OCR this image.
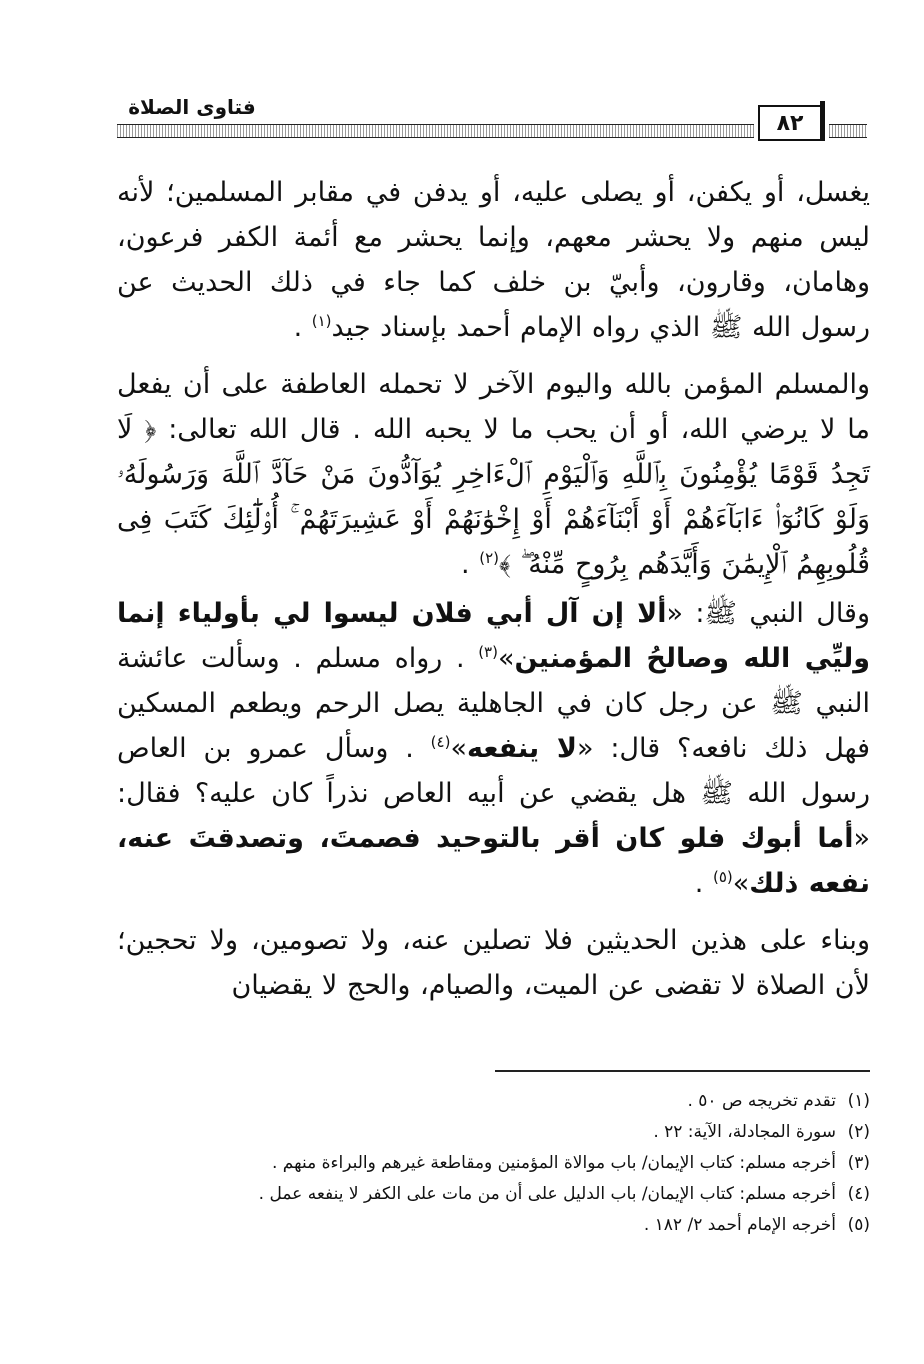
فتاوى الصلاة
٨٢

يغسل، أو يكفن، أو يصلى عليه، أو يدفن في مقابر المسلمين؛ لأنه ليس منهم ولا يحشر معهم، وإنما يحشر مع أئمة الكفر فرعون، وهامان، وقارون، وأبيّ بن خلف كما جاء في ذلك الحديث عن رسول الله ﷺ الذي رواه الإمام أحمد بإسناد جيد$^{(١)}$ .

والمسلم المؤمن بالله واليوم الآخر لا تحمله العاطفة على أن يفعل ما لا يرضي الله، أو أن يحب ما لا يحبه الله . قال الله تعالى: ﴿ لَا تَجِدُ قَوْمًا يُؤْمِنُونَ بِٱللَّهِ وَٱلْيَوْمِ ٱلْءَاخِرِ يُوَآدُّونَ مَنْ حَآدَّ ٱللَّهَ وَرَسُولَهُۥ وَلَوْ كَانُوٓا۟ ءَابَآءَهُمْ أَوْ أَبْنَآءَهُمْ أَوْ إِخْوَٰنَهُمْ أَوْ عَشِيرَتَهُمْ ۚ أُو۟لَٰٓئِكَ كَتَبَ فِى قُلُوبِهِمُ ٱلْإِيمَٰنَ وَأَيَّدَهُم بِرُوحٍ مِّنْهُ ۖ ﴾$^{(٢)}$ .

وقال النبي ﷺ: «ألا إن آل أبي فلان ليسوا لي بأولياء إنما وليِّي الله وصالحُ المؤمنين»$^{(٣)}$ . رواه مسلم . وسألت عائشة النبي ﷺ عن رجل كان في الجاهلية يصل الرحم ويطعم المسكين فهل ذلك نافعه؟ قال: «لا ينفعه»$^{(٤)}$ . وسأل عمرو بن العاص رسول الله ﷺ هل يقضي عن أبيه العاص نذراً كان عليه؟ فقال: «أما أبوك فلو كان أقر بالتوحيد فصمتَ، وتصدقتَ عنه، نفعه ذلك»$^{(٥)}$ .

وبناء على هذين الحديثين فلا تصلين عنه، ولا تصومين، ولا تحجين؛ لأن الصلاة لا تقضى عن الميت، والصيام، والحج لا يقضيان

(١)تقدم تخريجه ص ٥٠ .
(٢)سورة المجادلة، الآية: ٢٢ .
(٣)أخرجه مسلم: كتاب الإيمان/ باب موالاة المؤمنين ومقاطعة غيرهم والبراءة منهم .
(٤)أخرجه مسلم: كتاب الإيمان/ باب الدليل على أن من مات على الكفر لا ينفعه عمل .
(٥)أخرجه الإمام أحمد ٢/ ١٨٢ .
